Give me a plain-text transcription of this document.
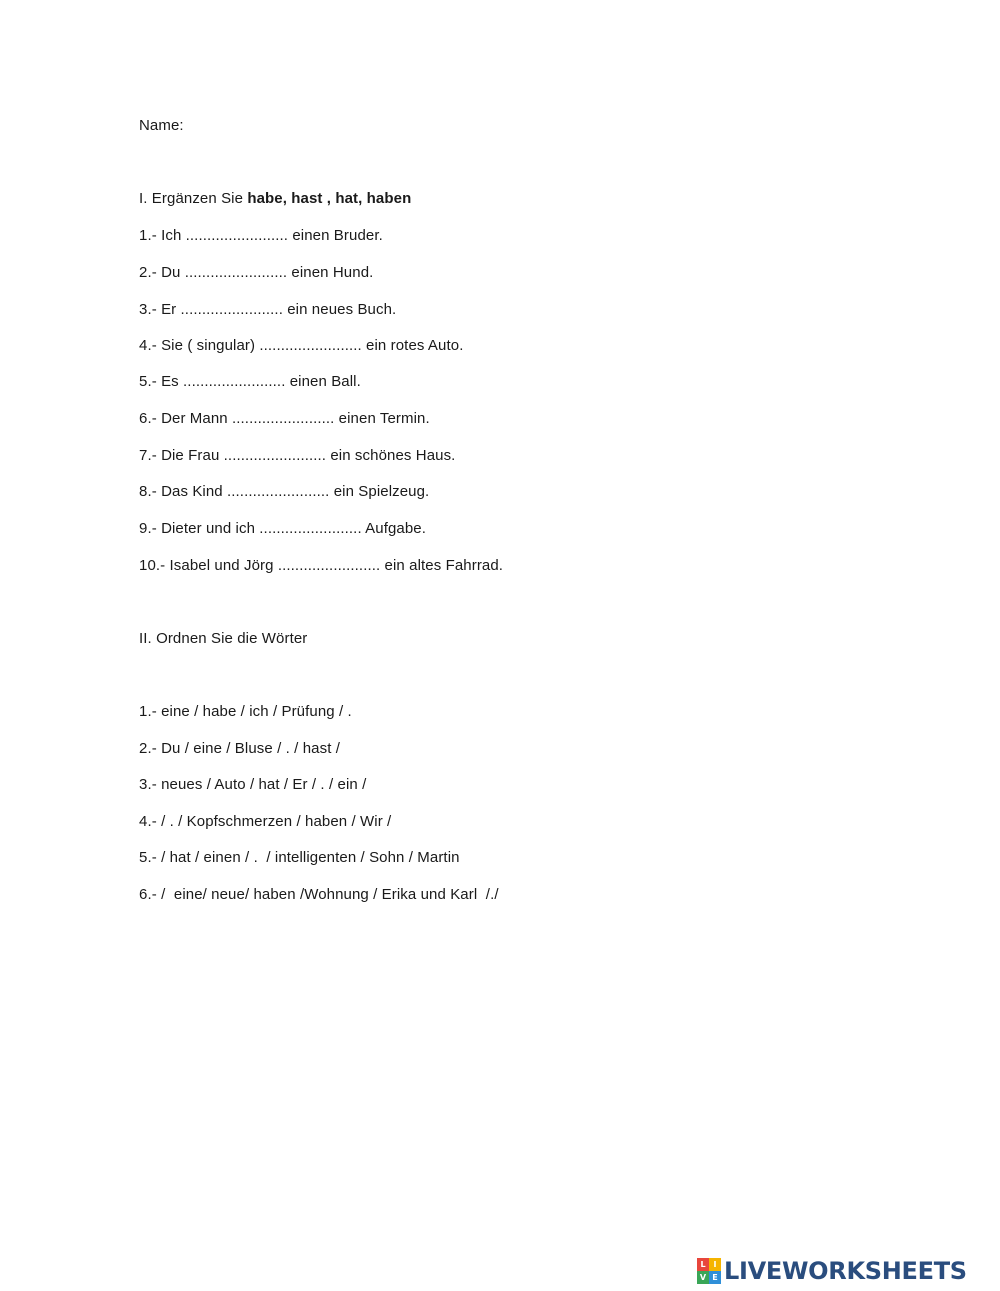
Name:
I. Ergänzen Sie habe, hast , hat, haben
1.- Ich ........................ einen Bruder.
2.- Du ........................ einen Hund.
3.- Er ........................ ein neues Buch.
4.- Sie ( singular) ........................ ein rotes Auto.
5.- Es ........................ einen Ball.
6.- Der Mann ........................ einen Termin.
7.- Die Frau ........................ ein schönes Haus.
8.- Das Kind ........................ ein Spielzeug.
9.- Dieter und ich ........................ Aufgabe.
10.- Isabel und Jörg ........................ ein altes Fahrrad.
II. Ordnen Sie die Wörter
1.- eine / habe / ich / Prüfung / .
2.- Du / eine / Bluse / . / hast /
3.- neues / Auto / hat / Er / . / ein /
4.- / . / Kopfschmerzen / haben / Wir /
5.- / hat / einen / .  / intelligenten / Sohn / Martin
6.- /  eine/ neue/ haben /Wohnung / Erika und Karl  /./
L I
V E LIVEWORKSHEETS
